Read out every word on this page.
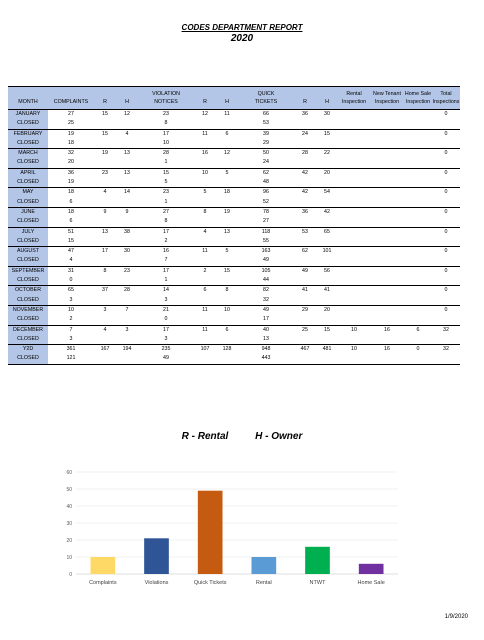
CODES DEPARTMENT REPORT
2020
				VIOLATION			QUICK			Rental	New Tenant	Home Sale	Total
MONTH	COMPLAINTS	R	H	NOTICES	R	H	TICKETS	R	H	Inspection	Inspection	Inspection	Inspections
JANUARY	27	15	12	23	12	11	66	36	30				0
CLOSED	25			8			53						
FEBRUARY	19	15	4	17	11	6	39	24	15				0
CLOSED	18			10			29						
MARCH	32	19	13	28	16	12	50	28	22				0
CLOSED	20			1			24						
APRIL	36	23	13	15	10	5	62	42	20				0
CLOSED	19			5			48						
MAY	18	4	14	23	5	18	96	42	54				0
CLOSED	6			1			52						
JUNE	18	9	9	27	8	19	78	36	42				0
CLOSED	6			8			27						
JULY	51	13	38	17	4	13	118	53	65				0
CLOSED	15			2			55						
AUGUST	47	17	30	16	11	5	163	62	101				0
CLOSED	4			7			49						
SEPTEMBER	31	8	23	17	2	15	105	49	56				0
CLOSED	0			1			44						
OCTOBER	65	37	28	14	6	8	82	41	41				0
CLOSED	3			3			32						
NOVEMBER	10	3	7	21	11	10	49	29	20				0
CLOSED	2			0			17						
DECEMBER	7	4	3	17	11	6	40	25	15	10	16	6	32
CLOSED	3			3			13						
Y2D	361	167	194	235	107	128	948	467	481	10	16	0	32
CLOSED	121			49			443						
R - Rental	H - Owner
0
10
20
30
40
50
60
Complaints	Violations	Quick Tickets	Rental	NTWT	Home Sale
1/9/2020
